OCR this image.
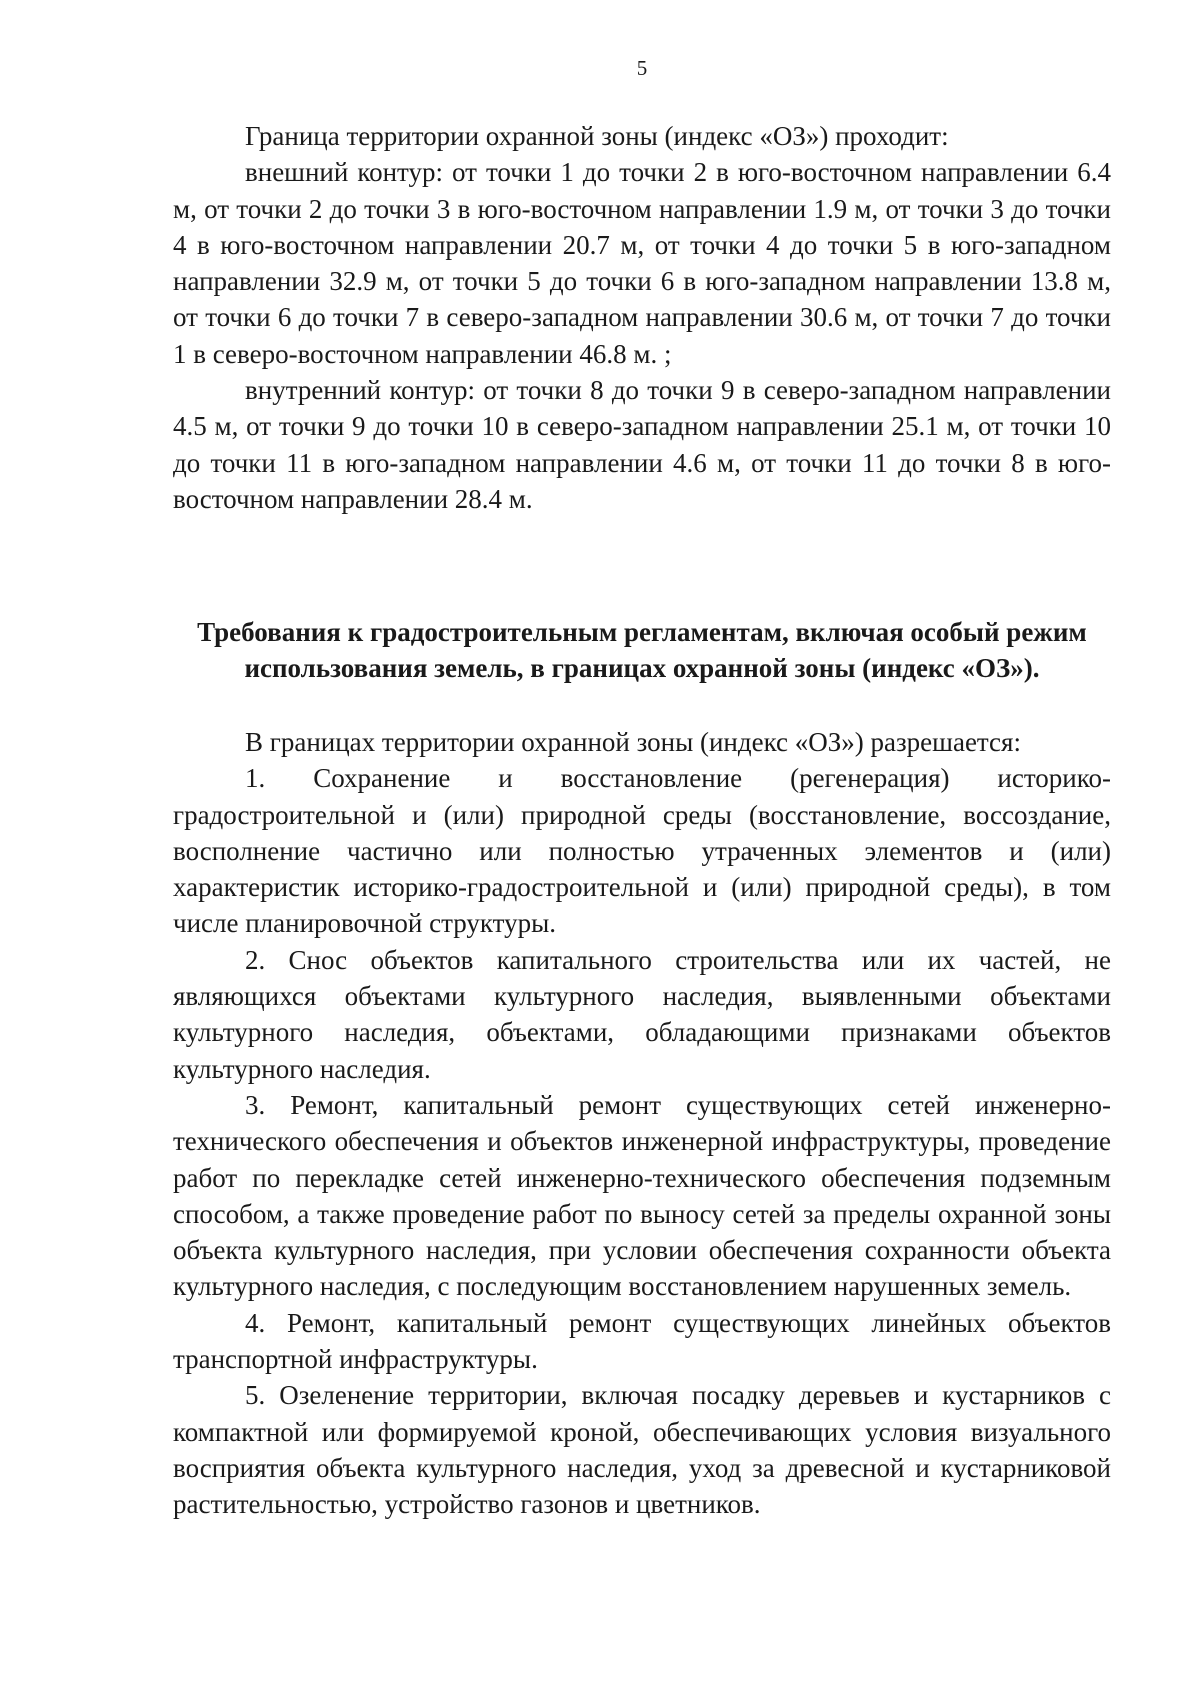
5

Граница территории охранной зоны (индекс «ОЗ») проходит:

внешний контур: от точки 1 до точки 2 в юго-восточном направлении 6.4 м, от точки 2 до точки 3 в юго-восточном направлении 1.9 м, от точки 3 до точки 4 в юго-восточном направлении 20.7 м, от точки 4 до точки 5 в юго-западном направлении 32.9 м, от точки 5 до точки 6 в юго-западном направлении 13.8 м, от точки 6 до точки 7 в северо-западном направлении 30.6 м, от точки 7 до точки 1 в северо-восточном направлении 46.8 м. ;

внутренний контур: от точки 8 до точки 9 в северо-западном направлении 4.5 м, от точки 9 до точки 10 в северо-западном направлении 25.1 м, от точки 10 до точки 11 в юго-западном направлении 4.6 м, от точки 11 до точки 8 в юго-восточном направлении 28.4 м.

Требования к градостроительным регламентам, включая особый режим
использования земель, в границах охранной зоны (индекс «ОЗ»).

В границах территории охранной зоны (индекс «ОЗ») разрешается:

1. Сохранение и восстановление (регенерация) историко-градостроительной и (или) природной среды (восстановление, воссоздание, восполнение частично или полностью утраченных элементов и (или) характеристик историко-градостроительной и (или) природной среды), в том числе планировочной структуры.

2. Снос объектов капитального строительства или их частей, не являющихся объектами культурного наследия, выявленными объектами культурного наследия, объектами, обладающими признаками объектов культурного наследия.

3. Ремонт, капитальный ремонт существующих сетей инженерно-технического обеспечения и объектов инженерной инфраструктуры, проведение работ по перекладке сетей инженерно-технического обеспечения подземным способом, а также проведение работ по выносу сетей за пределы охранной зоны объекта культурного наследия, при условии обеспечения сохранности объекта культурного наследия, с последующим восстановлением нарушенных земель.

4. Ремонт, капитальный ремонт существующих линейных объектов транспортной инфраструктуры.

5. Озеленение территории, включая посадку деревьев и кустарников с компактной или формируемой кроной, обеспечивающих условия визуального восприятия объекта культурного наследия, уход за древесной и кустарниковой растительностью, устройство газонов и цветников.
